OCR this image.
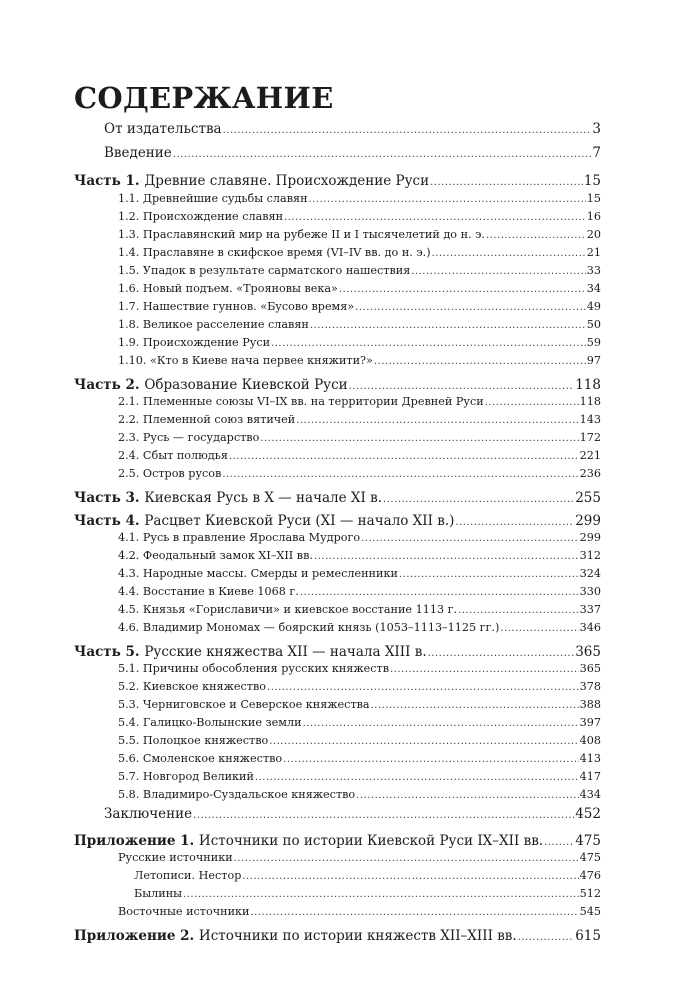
СОДЕРЖАНИЕ
От издательства .....	3
Введение .....	7
Часть 1. Древние славяне. Происхождение Руси .....	15
1.1. Древнейшие судьбы славян .....	15
1.2. Происхождение славян .....	16
1.3. Праславянский мир на рубеже II и I тысячелетий до н. э. .....	20
1.4. Праславяне в скифское время (VI–IV вв. до н. э.) .....	21
1.5. Упадок в результате сарматского нашествия .....	33
1.6. Новый подъем. «Трояновы века» .....	34
1.7. Нашествие гуннов. «Бусово время» .....	49
1.8. Великое расселение славян .....	50
1.9. Происхождение Руси .....	59
1.10. «Кто в Киеве нача первее княжити?» .....	97
Часть 2. Образование Киевской Руси .....	118
2.1. Племенные союзы VI–IX вв. на территории Древней Руси .....	118
2.2. Племенной союз вятичей .....	143
2.3. Русь — государство .....	172
2.4. Сбыт полюдья .....	221
2.5. Остров русов .....	236
Часть 3. Киевская Русь в X — начале XI в. .....	255
Часть 4. Расцвет Киевской Руси (XI — начало XII в.) .....	299
4.1. Русь в правление Ярослава Мудрого .....	299
4.2. Феодальный замок XI–XII вв. .....	312
4.3. Народные массы. Смерды и ремесленники .....	324
4.4. Восстание в Киеве 1068 г. .....	330
4.5. Князья «Гориславичи» и киевское восстание 1113 г. .....	337
4.6. Владимир Мономах — боярский князь (1053–1113–1125 гг.) .....	346
Часть 5. Русские княжества XII — начала XIII в. .....	365
5.1. Причины обособления русских княжеств .....	365
5.2. Киевское княжество .....	378
5.3. Черниговское и Северское княжества .....	388
5.4. Галицко-Волынские земли .....	397
5.5. Полоцкое княжество .....	408
5.6. Смоленское княжество .....	413
5.7. Новгород Великий .....	417
5.8. Владимиро-Суздальское княжество .....	434
Заключение .....	452
Приложение 1. Источники по истории Киевской Руси IX–XII вв. ..... 475
Русские источники .....	475
Летописи. Нестор .....	476
Былины .....	512
Восточные источники .....	545
Приложение 2. Источники по истории княжеств XII–XIII вв. .....	615
